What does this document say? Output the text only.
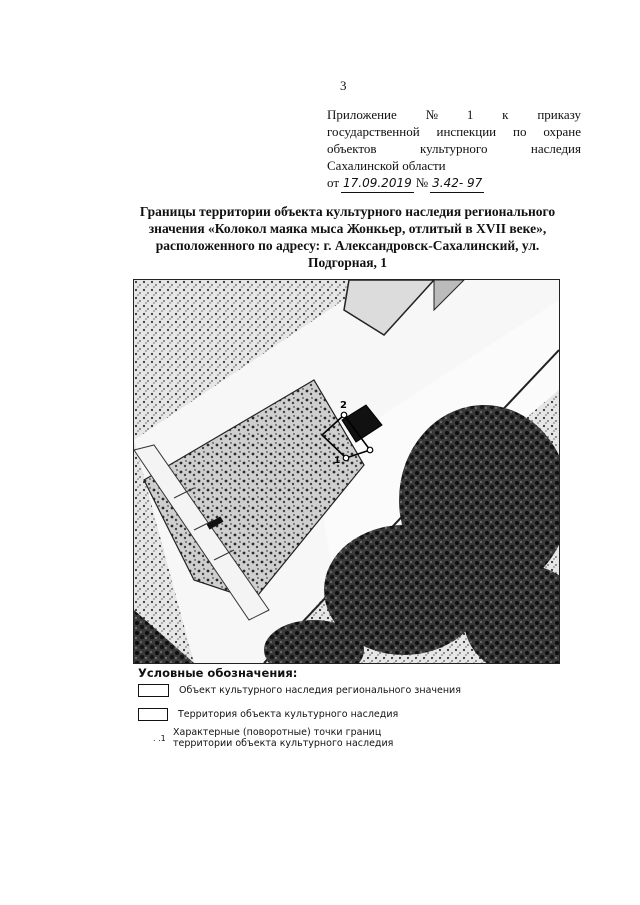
3
Приложение № 1 к приказу
государственной инспекции по охране
объектов	культурного	наследия
Сахалинской области
от 17.09.2019 № 3.42- 97
Границы территории объекта культурного наследия регионального
значения «Колокол маяка мыса Жонкьер, отлитый в XVII веке»,
расположенного по адресу: г. Александровск-Сахалинский, ул.
Подгорная, 1
2
1
3
Условные обозначения:
Объект культурного наследия регионального значения
Территория объекта культурного наследия
. .1
Характерные (поворотные) точки границ
территории объекта культурного наследия
